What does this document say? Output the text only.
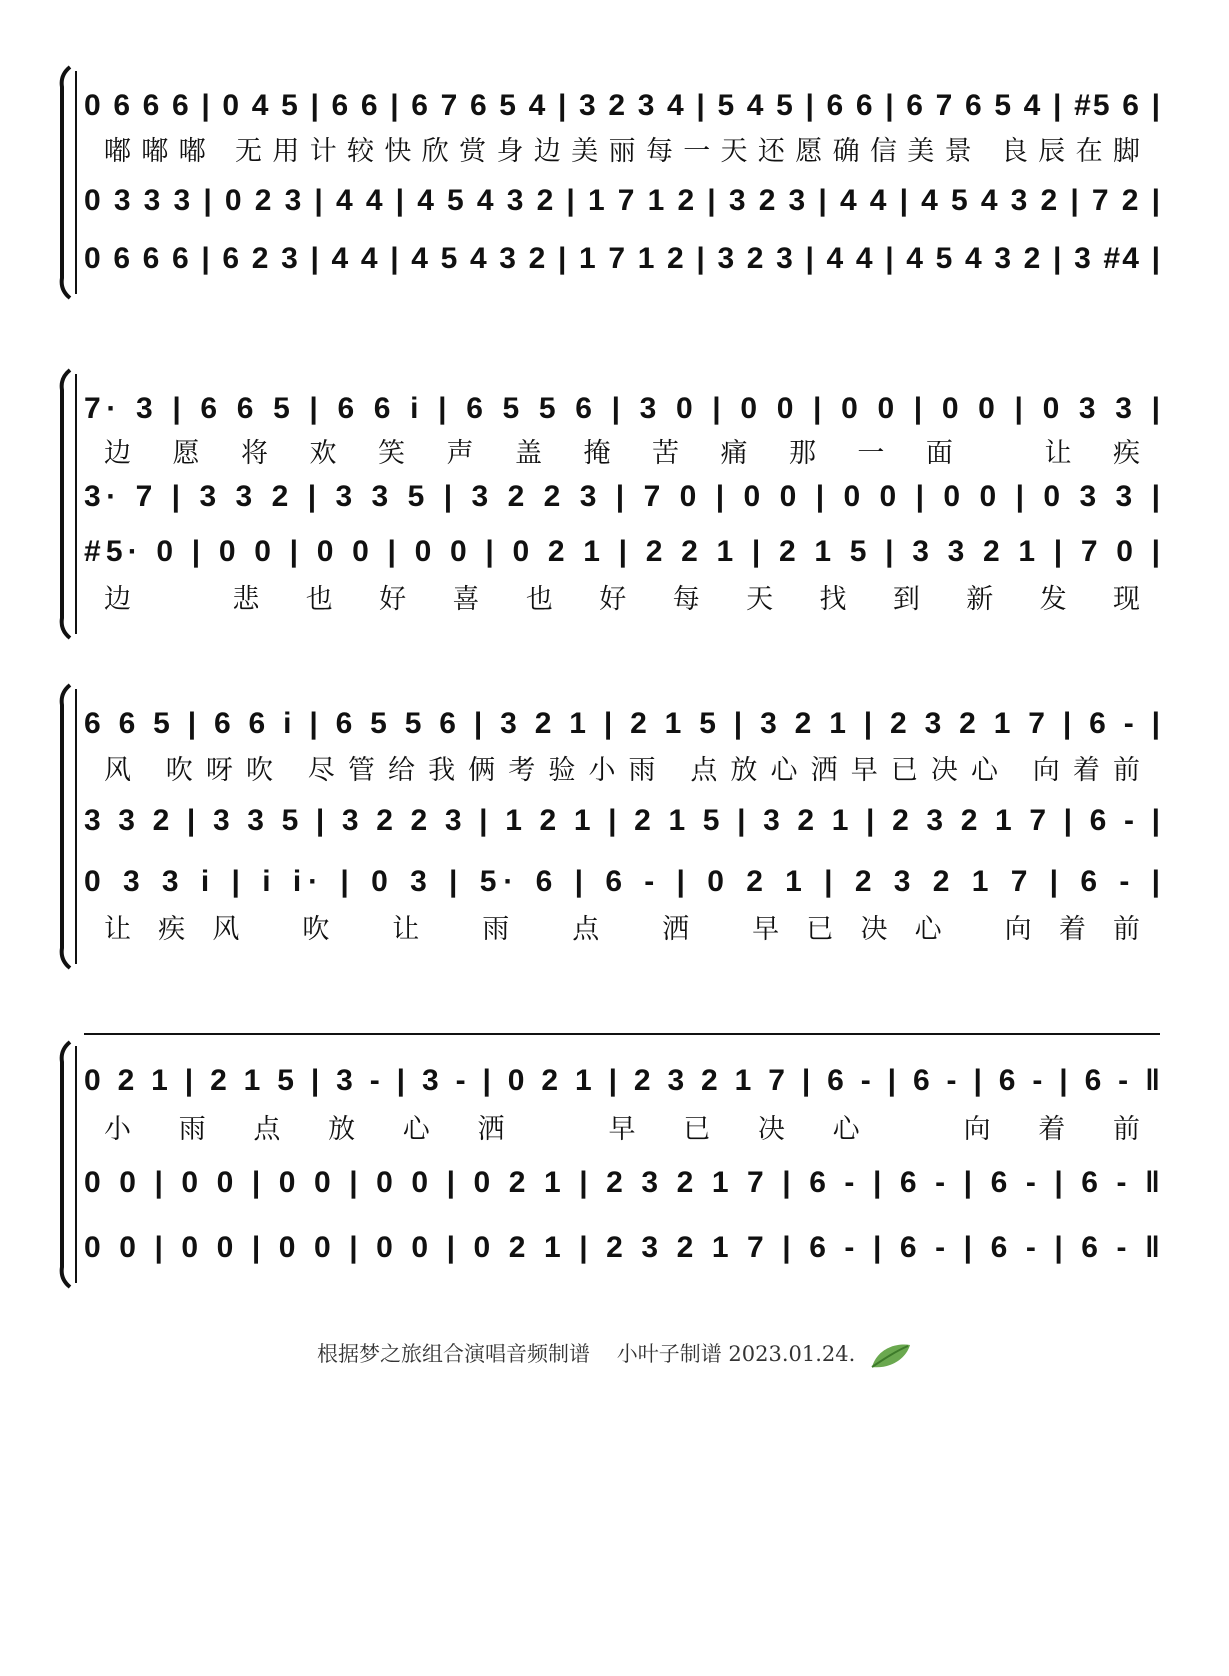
0 6 6 6 | 0 4 5 | 6 6 | 6 7 6 5 4 | 3 2 3 4 | 5 4 5 | 6 6 | 6 7 6 5 4 | #5 6 |
嘟嘟嘟 无用计较快欣赏身边美丽每一天还愿确信美景 良辰在脚
0 3 3 3 | 0 2 3 | 4 4 | 4 5 4 3 2 | 1 7 1 2 | 3 2 3 | 4 4 | 4 5 4 3 2 | 7 2 |
0 6 6 6 | 6 2 3 | 4 4 | 4 5 4 3 2 | 1 7 1 2 | 3 2 3 | 4 4 | 4 5 4 3 2 | 3 #4 |
7· 3 | 6 6 5 | 6 6 i | 6 5 5 6 | 3 0 | 0 0 | 0 0 | 0 0 | 0 3 3 |
边愿将欢笑声盖掩苦痛那一面 让疾
3· 7 | 3 3 2 | 3 3 5 | 3 2 2 3 | 7 0 | 0 0 | 0 0 | 0 0 | 0 3 3 |
#5· 0 | 0 0 | 0 0 | 0 0 | 0 2 1 | 2 2 1 | 2 1 5 | 3 3 2 1 | 7 0 |
边 悲也好喜也好每天找到新发现
6 6 5 | 6 6 i | 6 5 5 6 | 3 2 1 | 2 1 5 | 3 2 1 | 2 3 2 1 7 | 6 - |
风 吹呀吹 尽管给我俩考验小雨 点放心洒早已决心 向着前
3 3 2 | 3 3 5 | 3 2 2 3 | 1 2 1 | 2 1 5 | 3 2 1 | 2 3 2 1 7 | 6 - |
0 3 3 i | i i· | 0 3 | 5· 6 | 6 - | 0 2 1 | 2 3 2 1 7 | 6 - |
让疾风 吹 让 雨 点 洒 早已决心 向着前
0 2 1 | 2 1 5 | 3 - | 3 - | 0 2 1 | 2 3 2 1 7 | 6 - | 6 - | 6 - | 6 - ‖
小雨点放心洒 早已决心 向着前
0 0 | 0 0 | 0 0 | 0 0 | 0 2 1 | 2 3 2 1 7 | 6 - | 6 - | 6 - | 6 - ‖
0 0 | 0 0 | 0 0 | 0 0 | 0 2 1 | 2 3 2 1 7 | 6 - | 6 - | 6 - | 6 - ‖
根据梦之旅组合演唱音频制谱 小叶子制谱 2023.01.24.
